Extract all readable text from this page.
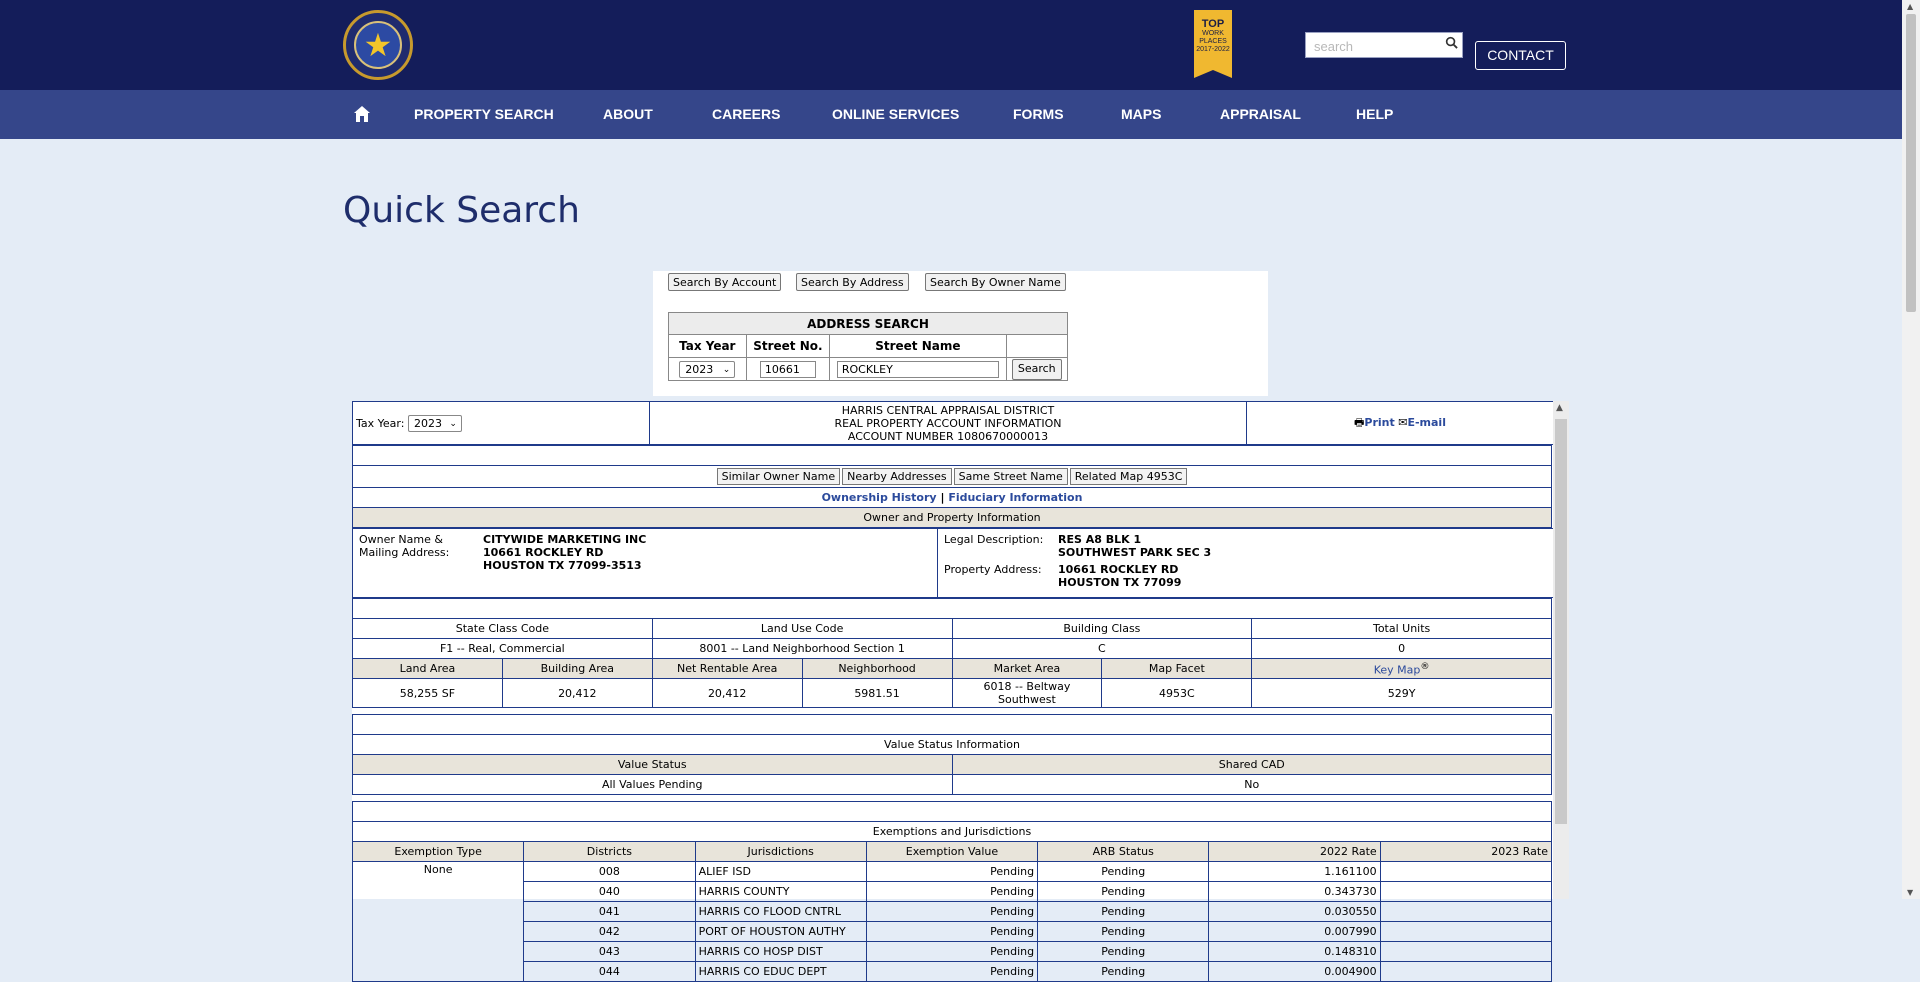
★
TOP
WORK
PLACES
2017-2022
search	CONTACT
PROPERTY SEARCH	ABOUT	CAREERS	ONLINE SERVICES	FORMS	MAPS	APPRAISAL	HELP
Quick Search
Search By Account	Search By Address	Search By Owner Name
ADDRESS SEARCH			
Tax Year	Street No.	Street Name	
2023 ⌄	10661	ROCKLEY	Search
Tax Year: 2023 ⌄

HARRIS CENTRAL APPRAISAL DISTRICT
REAL PROPERTY ACCOUNT INFORMATION
ACCOUNT NUMBER 1080670000013
	🖶Print ✉E-mail

Similar Owner Name Nearby Addresses Same Street Name Related Map 4953C
Ownership History | Fiduciary Information
Owner and Property Information
Owner Name &
Mailing Address:
CITYWIDE MARKETING INC
10661 ROCKLEY RD
HOUSTON TX 77099-3513

Legal Description:	RES A8 BLK 1
SOUTHWEST PARK SEC 3
Property Address:	10661 ROCKLEY RD
HOUSTON TX 77099

State Class Code		Land Use Code		Building Class		Total Units
F1 -- Real, Commercial		8001 -- Land Neighborhood Section 1		C		0
Land Area	Building Area	Net Rentable Area	Neighborhood	Market Area	Map Facet	Key Map®
58,255 SF	20,412	20,412	5981.51	6018 -- Beltway Southwest	4953C	529Y

Value Status Information	
Value Status	Shared CAD
All Values Pending	No

Exemptions and Jurisdictions						
Exemption Type	Districts	Jurisdictions	Exemption Value	ARB Status	2022 Rate	2023 Rate
None	008	ALIEF ISD	Pending	Pending	1.161100	
	040	HARRIS COUNTY	Pending	Pending	0.343730	
	041	HARRIS CO FLOOD CNTRL	Pending	Pending	0.030550	
	042	PORT OF HOUSTON AUTHY	Pending	Pending	0.007990	
	043	HARRIS CO HOSP DIST	Pending	Pending	0.148310	
	044	HARRIS CO EDUC DEPT	Pending	Pending	0.004900	
▲
▲
▼
